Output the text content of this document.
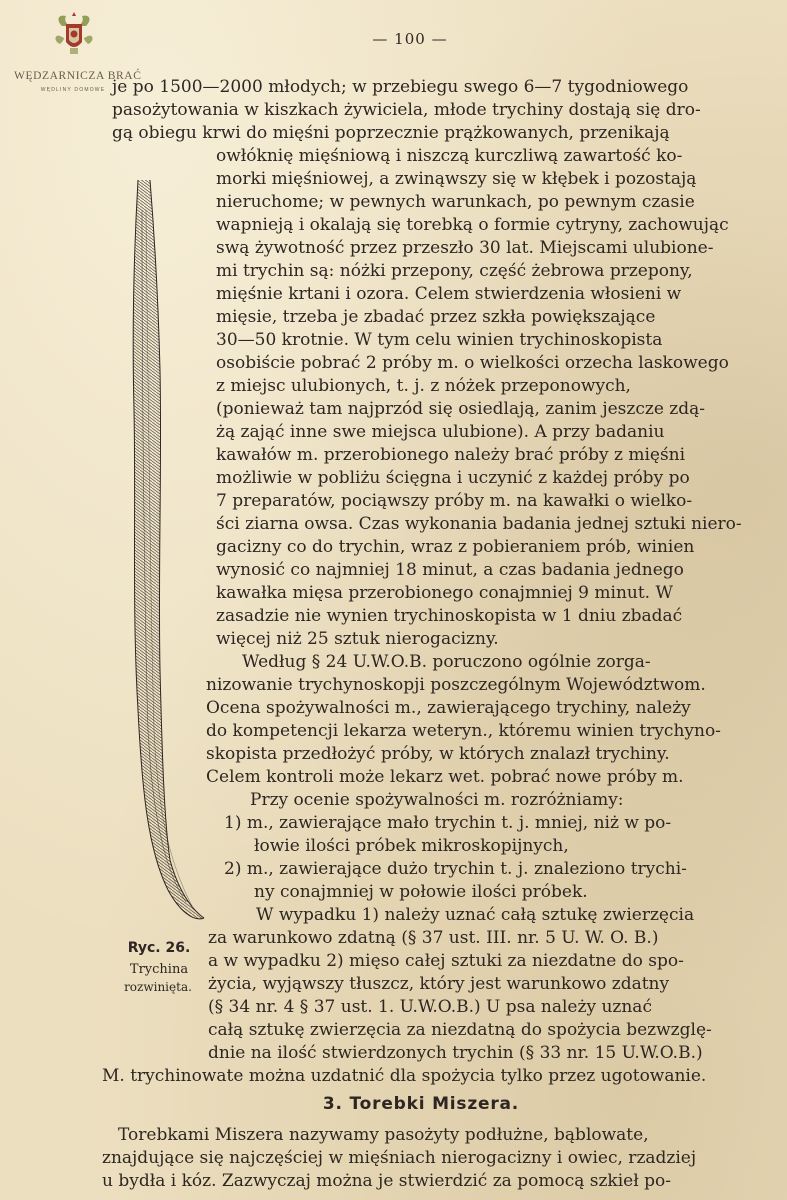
WĘDZARNICZA BRAĆ
WĘDLINY DOMOWE
— 100 —
Ryc. 26.
Trychina
rozwinięta.
je po 1500—2000 młodych; w przebiegu swego 6—7 tygodniowego
pasożytowania w kiszkach żywiciela, młode trychiny dostają się dro-
gą obiegu krwi do mięśni poprzecznie prążkowanych, przenikają
owłóknię mięśniową i niszczą kurczliwą zawartość ko-
morki mięśniowej, a zwinąwszy się w kłębek i pozostają
nieruchome; w pewnych warunkach, po pewnym czasie
wapnieją i okalają się torebką o formie cytryny, zachowując
swą żywotność przez przeszło 30 lat. Miejscami ulubione-
mi trychin są: nóżki przepony, część żebrowa przepony,
mięśnie krtani i ozora. Celem stwierdzenia włosieni w
mięsie, trzeba je zbadać przez szkła powiększające
30—50 krotnie. W tym celu winien trychinoskopista
osobiście pobrać 2 próby m. o wielkości orzecha laskowego
z miejsc ulubionych, t. j. z nóżek przeponowych,
(ponieważ tam najprzód się osiedlają, zanim jeszcze zdą-
żą zająć inne swe miejsca ulubione). A przy badaniu
kawałów m. przerobionego należy brać próby z mięśni
możliwie w pobliżu ścięgna i uczynić z każdej próby po
7 preparatów, pociąwszy próby m. na kawałki o wielko-
ści ziarna owsa. Czas wykonania badania jednej sztuki niero-
gacizny co do trychin, wraz z pobieraniem prób, winien
wynosić co najmniej 18 minut, a czas badania jednego
kawałka mięsa przerobionego conajmniej 9 minut. W
zasadzie nie wynien trychinoskopista w 1 dniu zbadać
więcej niż 25 sztuk nierogacizny.
Według § 24 U.W.O.B. poruczono ogólnie zorga-
nizowanie trychynoskopji poszczególnym Województwom.
Ocena spożywalności m., zawierającego trychiny, należy
do kompetencji lekarza weteryn., któremu winien trychyno-
skopista przedłożyć próby, w których znalazł trychiny.
Celem kontroli może lekarz wet. pobrać nowe próby m.
Przy ocenie spożywalności m. rozróżniamy:
1) m., zawierające mało trychin t. j. mniej, niż w po-
łowie ilości próbek mikroskopijnych,
2) m., zawierające dużo trychin t. j. znaleziono trychi-
ny conajmniej w połowie ilości próbek.
W wypadku 1) należy uznać całą sztukę zwierzęcia
za warunkowo zdatną (§ 37 ust. III. nr. 5 U. W. O. B.)
a w wypadku 2) mięso całej sztuki za niezdatne do spo-
życia, wyjąwszy tłuszcz, który jest warunkowo zdatny
(§ 34 nr. 4 § 37 ust. 1. U.W.O.B.) U psa należy uznać
całą sztukę zwierzęcia za niezdatną do spożycia bezwzglę-
dnie na ilość stwierdzonych trychin (§ 33 nr. 15 U.W.O.B.)
M. trychinowate można uzdatnić dla spożycia tylko przez ugotowanie.
3. Torebki Miszera.
Torebkami Miszera nazywamy pasożyty podłużne, bąblowate,
znajdujące się najczęściej w mięśniach nierogacizny i owiec, rzadziej
u bydła i kóz. Zazwyczaj można je stwierdzić za pomocą szkieł po-
